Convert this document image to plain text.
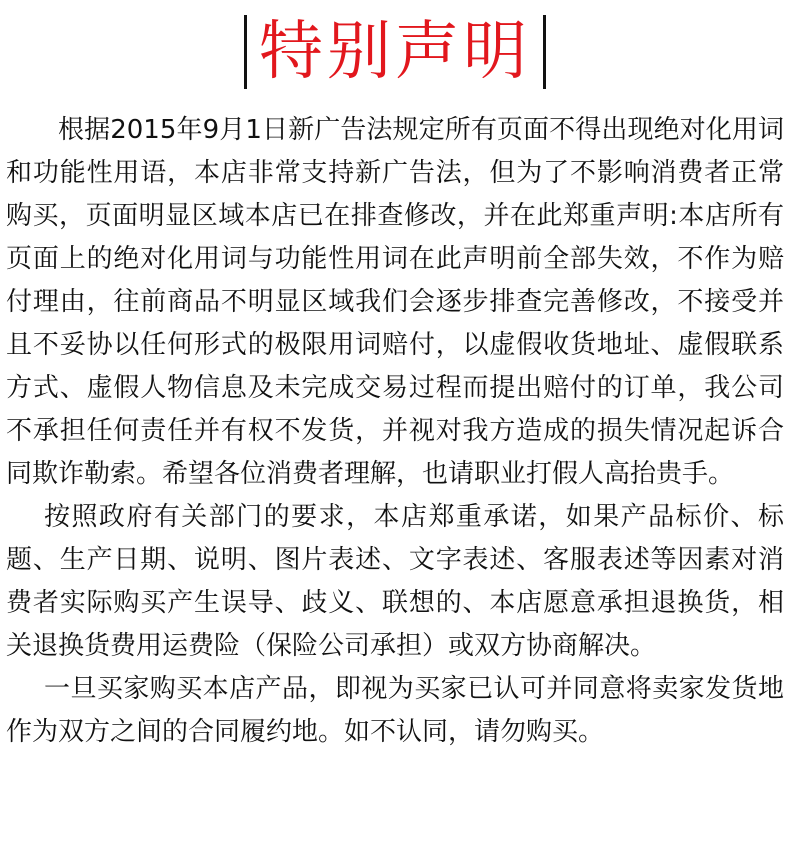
特别声明

根据2015年9月1日新广告法规定所有页面不得出现绝对化用词和功能性用语，本店非常支持新广告法，但为了不影响消费者正常购买，页面明显区域本店已在排查修改，并在此郑重声明:本店所有页面上的绝对化用词与功能性用词在此声明前全部失效，不作为赔付理由，往前商品不明显区域我们会逐步排查完善修改，不接受并且不妥协以任何形式的极限用词赔付，以虚假收货地址、虚假联系方式、虚假人物信息及未完成交易过程而提出赔付的订单，我公司不承担任何责任并有权不发货，并视对我方造成的损失情况起诉合同欺诈勒索。希望各位消费者理解，也请职业打假人高抬贵手。

按照政府有关部门的要求，本店郑重承诺，如果产品标价、标题、生产日期、说明、图片表述、文字表述、客服表述等因素对消费者实际购买产生误导、歧义、联想的、本店愿意承担退换货，相关退换货费用运费险（保险公司承担）或双方协商解决。

一旦买家购买本店产品，即视为买家已认可并同意将卖家发货地作为双方之间的合同履约地。如不认同，请勿购买。
